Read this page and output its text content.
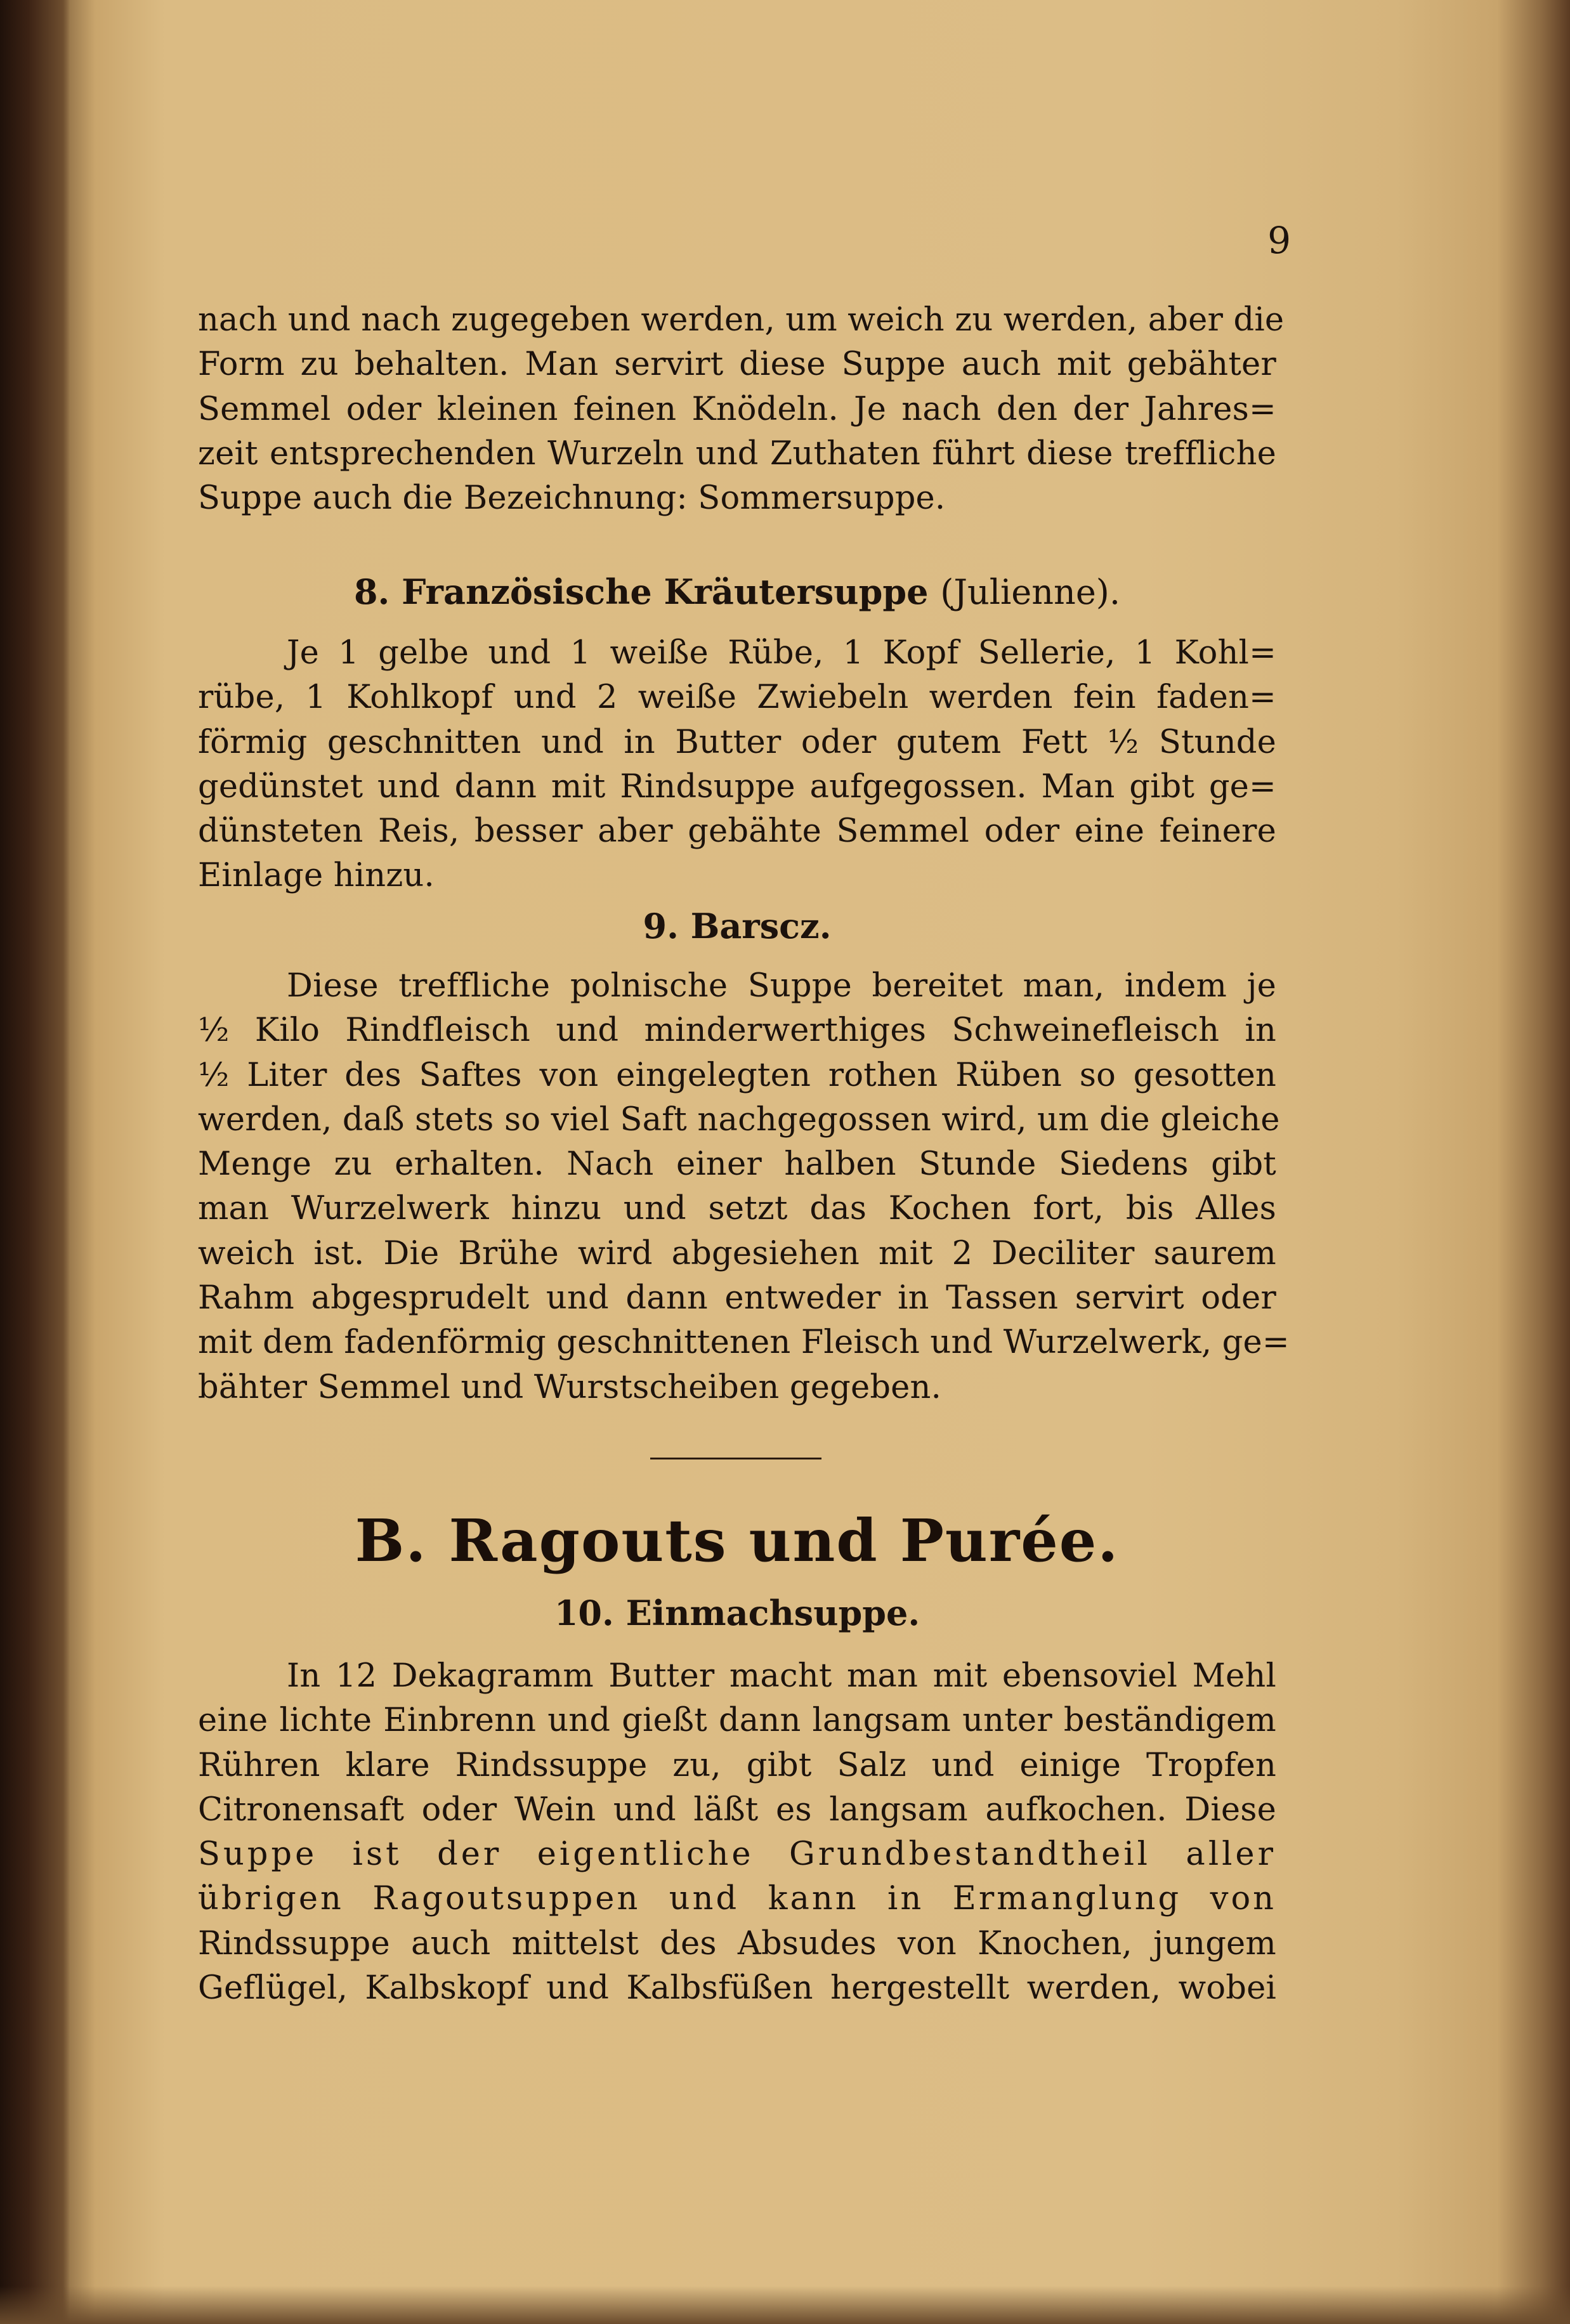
9
nach und nach zugegeben werden, um weich zu werden, aber die
Form zu behalten. Man servirt diese Suppe auch mit gebähter
Semmel oder kleinen feinen Knödeln. Je nach den der Jahres=
zeit entsprechenden Wurzeln und Zuthaten führt diese treffliche
Suppe auch die Bezeichnung: Sommersuppe.
8. Französische Kräutersuppe (Julienne).
Je 1 gelbe und 1 weiße Rübe, 1 Kopf Sellerie, 1 Kohl=
rübe, 1 Kohlkopf und 2 weiße Zwiebeln werden fein faden=
förmig geschnitten und in Butter oder gutem Fett ½ Stunde
gedünstet und dann mit Rindsuppe aufgegossen. Man gibt ge=
dünsteten Reis, besser aber gebähte Semmel oder eine feinere
Einlage hinzu.
9. Barscz.
Diese treffliche polnische Suppe bereitet man, indem je
½ Kilo Rindfleisch und minderwerthiges Schweinefleisch in
½ Liter des Saftes von eingelegten rothen Rüben so gesotten
werden, daß stets so viel Saft nachgegossen wird, um die gleiche
Menge zu erhalten. Nach einer halben Stunde Siedens gibt
man Wurzelwerk hinzu und setzt das Kochen fort, bis Alles
weich ist. Die Brühe wird abgesiehen mit 2 Deciliter saurem
Rahm abgesprudelt und dann entweder in Tassen servirt oder
mit dem fadenförmig geschnittenen Fleisch und Wurzelwerk, ge=
bähter Semmel und Wurstscheiben gegeben.
B. Ragouts und Purée.
10. Einmachsuppe.
In 12 Dekagramm Butter macht man mit ebensoviel Mehl
eine lichte Einbrenn und gießt dann langsam unter beständigem
Rühren klare Rindssuppe zu, gibt Salz und einige Tropfen
Citronensaft oder Wein und läßt es langsam aufkochen. Diese
Suppe ist der eigentliche Grundbestandtheil aller
übrigen Ragoutsuppen und kann in Ermanglung von
Rindssuppe auch mittelst des Absudes von Knochen, jungem
Geflügel, Kalbskopf und Kalbsfüßen hergestellt werden, wobei
